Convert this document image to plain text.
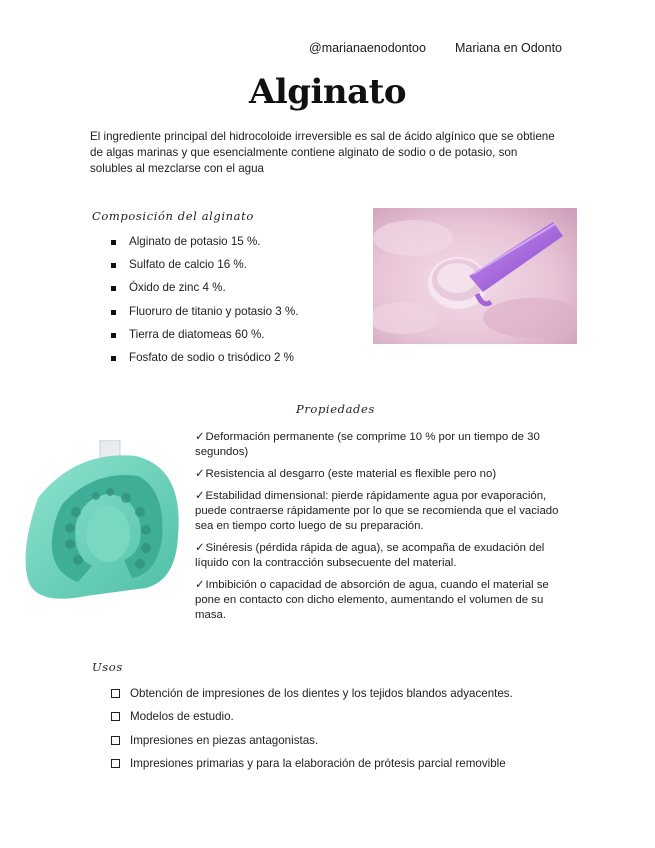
@marianaenodontoo Mariana en Odonto
Alginato
El ingrediente principal del hidrocoloide irreversible es sal de ácido algínico que se obtiene de algas marinas y que esencialmente contiene alginato de sodio o de potasio, son solubles al mezclarse con el agua
Composición del alginato
Alginato de potasio 15 %.
Sulfato de calcio 16 %.
Óxido de zinc 4 %.
Fluoruro de titanio y potasio 3 %.
Tierra de diatomeas 60 %.
Fosfato de sodio o trisódico 2 %
Propiedades
✓Deformación permanente (se comprime 10 % por un tiempo de 30 segundos)
✓Resistencia al desgarro (este material es flexible pero no)
✓Estabilidad dimensional: pierde rápidamente agua por evaporación, puede contraerse rápidamente por lo que se recomienda que el vaciado sea en tiempo corto luego de su preparación.
✓Sinéresis (pérdida rápida de agua), se acompaña de exudación del líquido con la contracción subsecuente del material.
✓Imbibición o capacidad de absorción de agua, cuando el material se pone en contacto con dicho elemento, aumentando el volumen de su masa.
Usos
Obtención de impresiones de los dientes y los tejidos blandos adyacentes.
Modelos de estudio.
Impresiones en piezas antagonistas.
Impresiones primarias y para la elaboración de prótesis parcial removible
